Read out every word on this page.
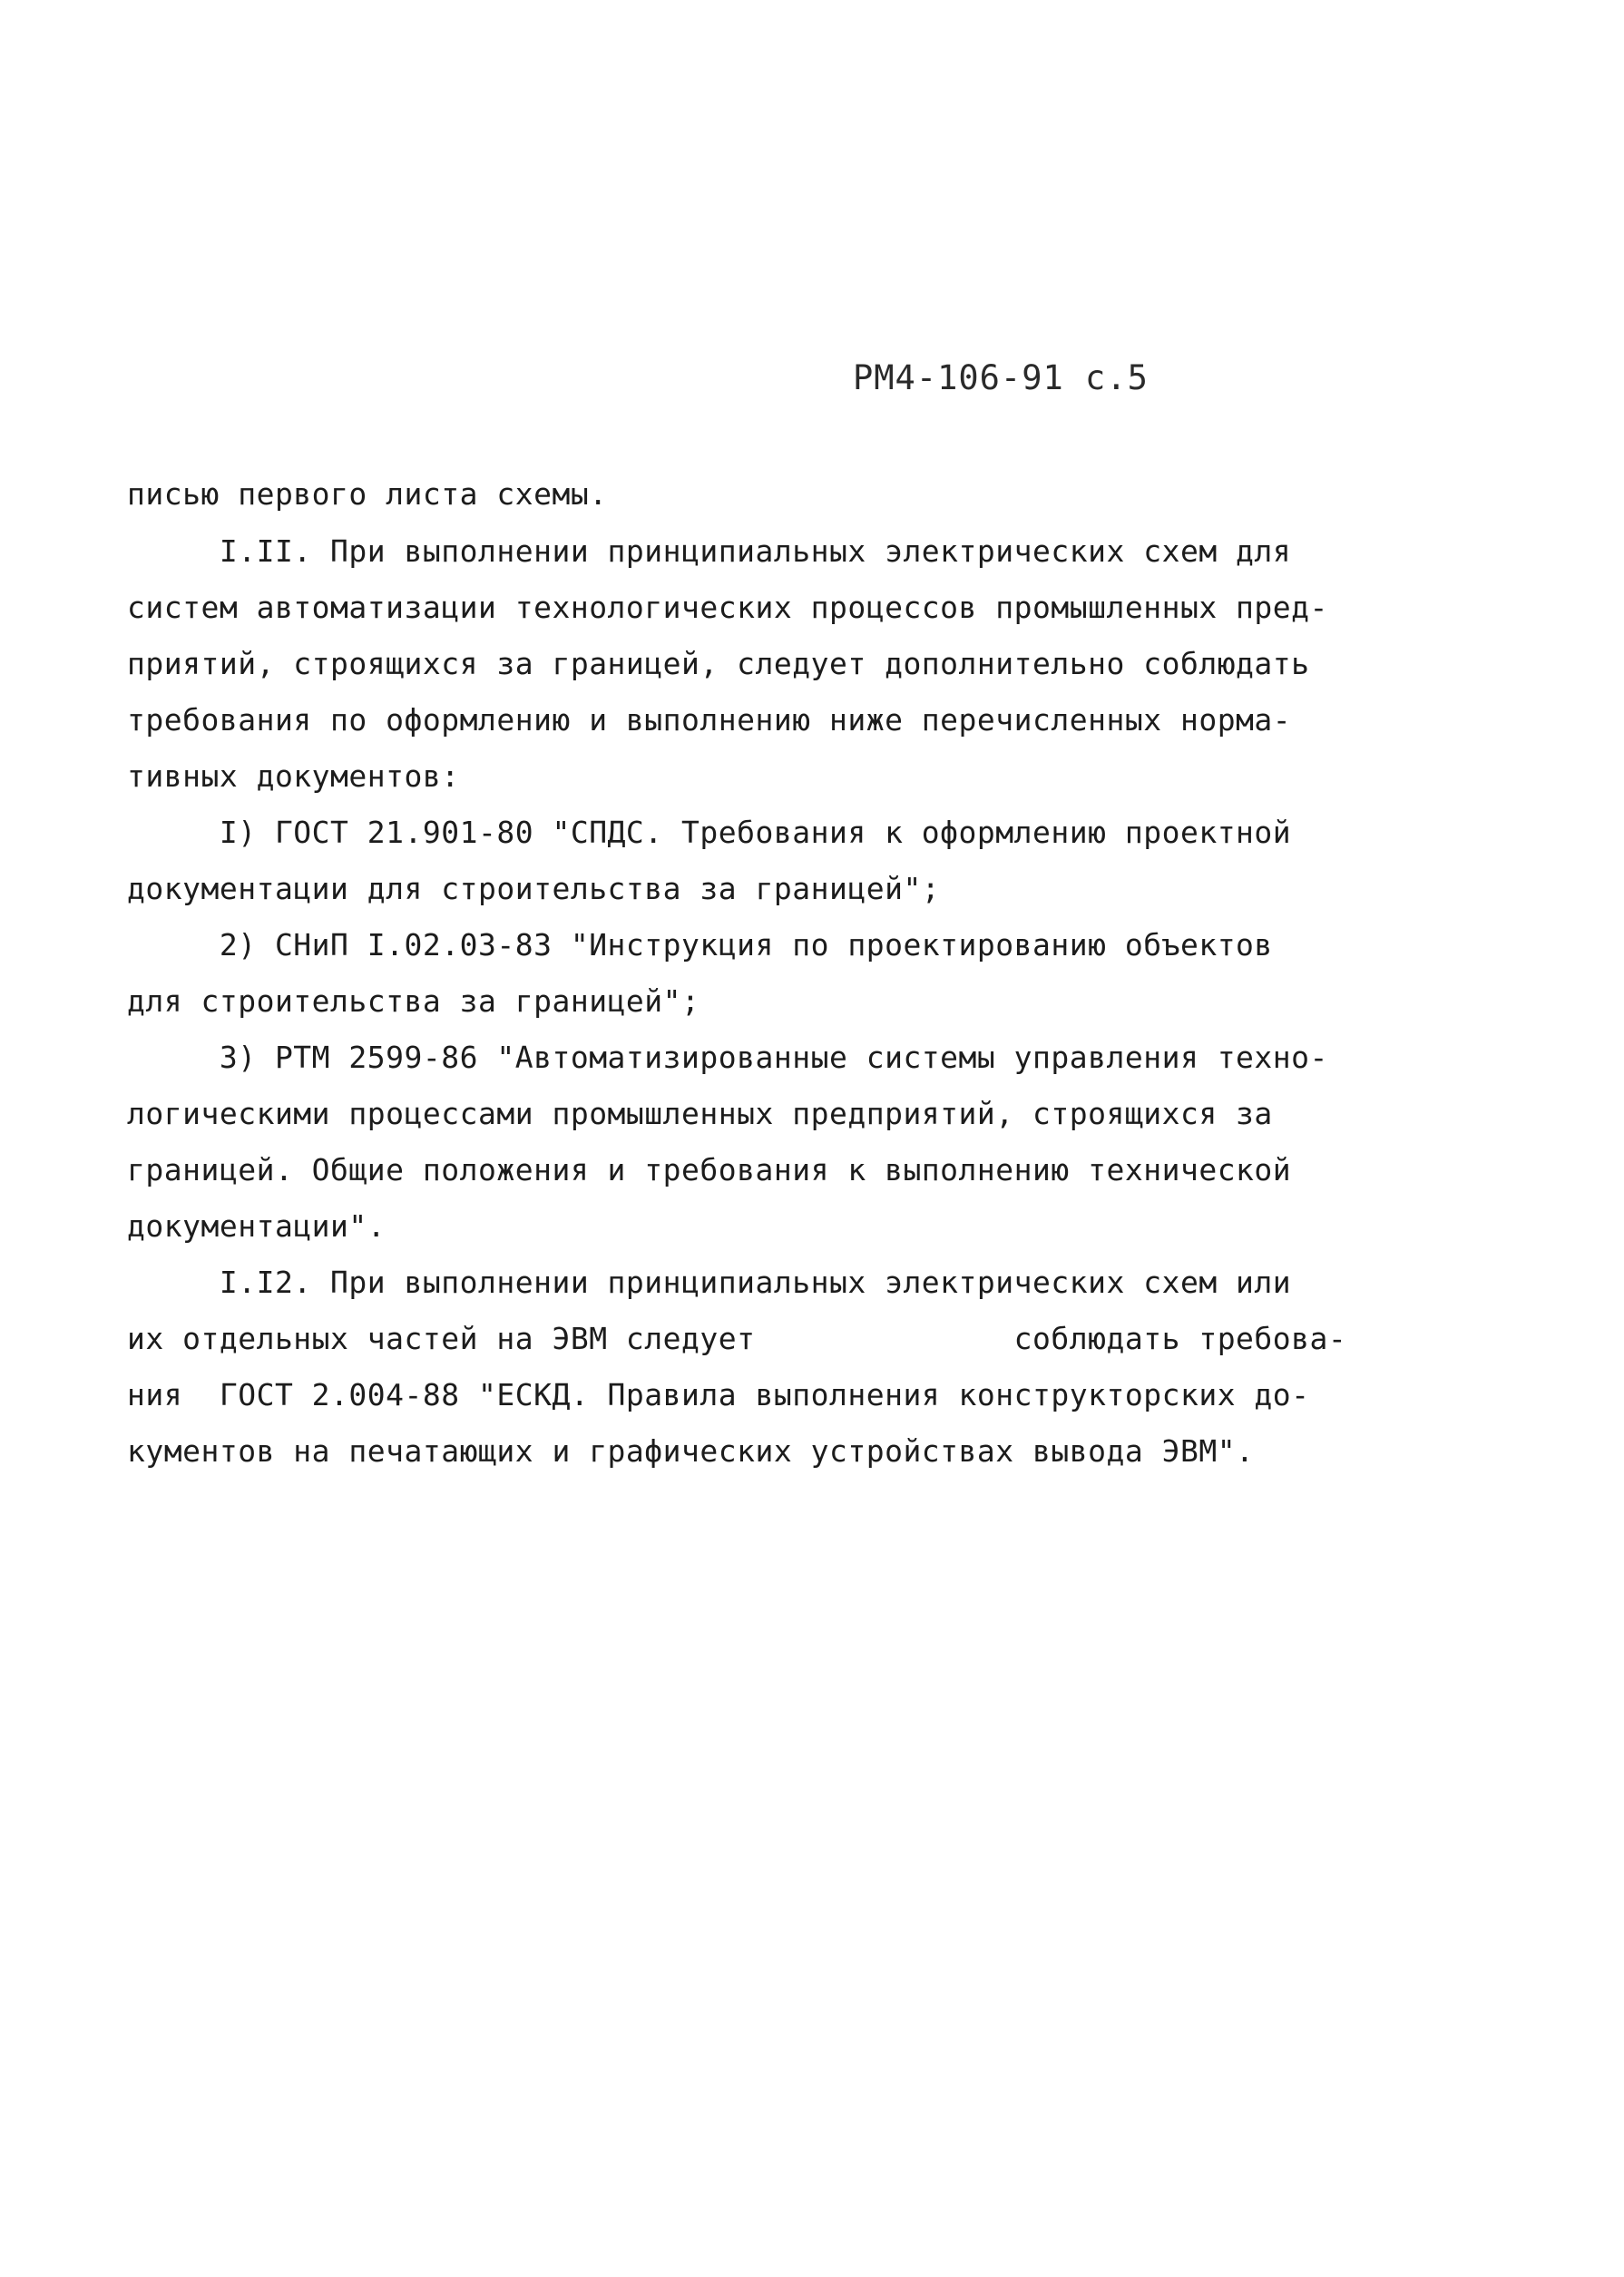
РМ4-106-91 с.5
писью первого листа схемы.
I.II. При выполнении принципиальных электрических схем для
систем автоматизации технологических процессов промышленных пред-
приятий, строящихся за границей, следует дополнительно соблюдать
требования по оформлению и выполнению ниже перечисленных норма-
тивных документов:
I) ГОСТ 21.901-80 "СПДС. Требования к оформлению проектной
документации для строительства за границей";
2) СНиП I.02.03-83 "Инструкция по проектированию объектов
для строительства за границей";
3) РТМ 2599-86 "Автоматизированные системы управления техно-
логическими процессами промышленных предприятий, строящихся за
границей. Общие положения и требования к выполнению технической
документации".
I.I2. При выполнении принципиальных электрических схем или
их отдельных частей на ЭВМ следует              соблюдать требова-
ния  ГОСТ 2.004-88 "ЕСКД. Правила выполнения конструкторских до-
кументов на печатающих и графических устройствах вывода ЭВМ".
